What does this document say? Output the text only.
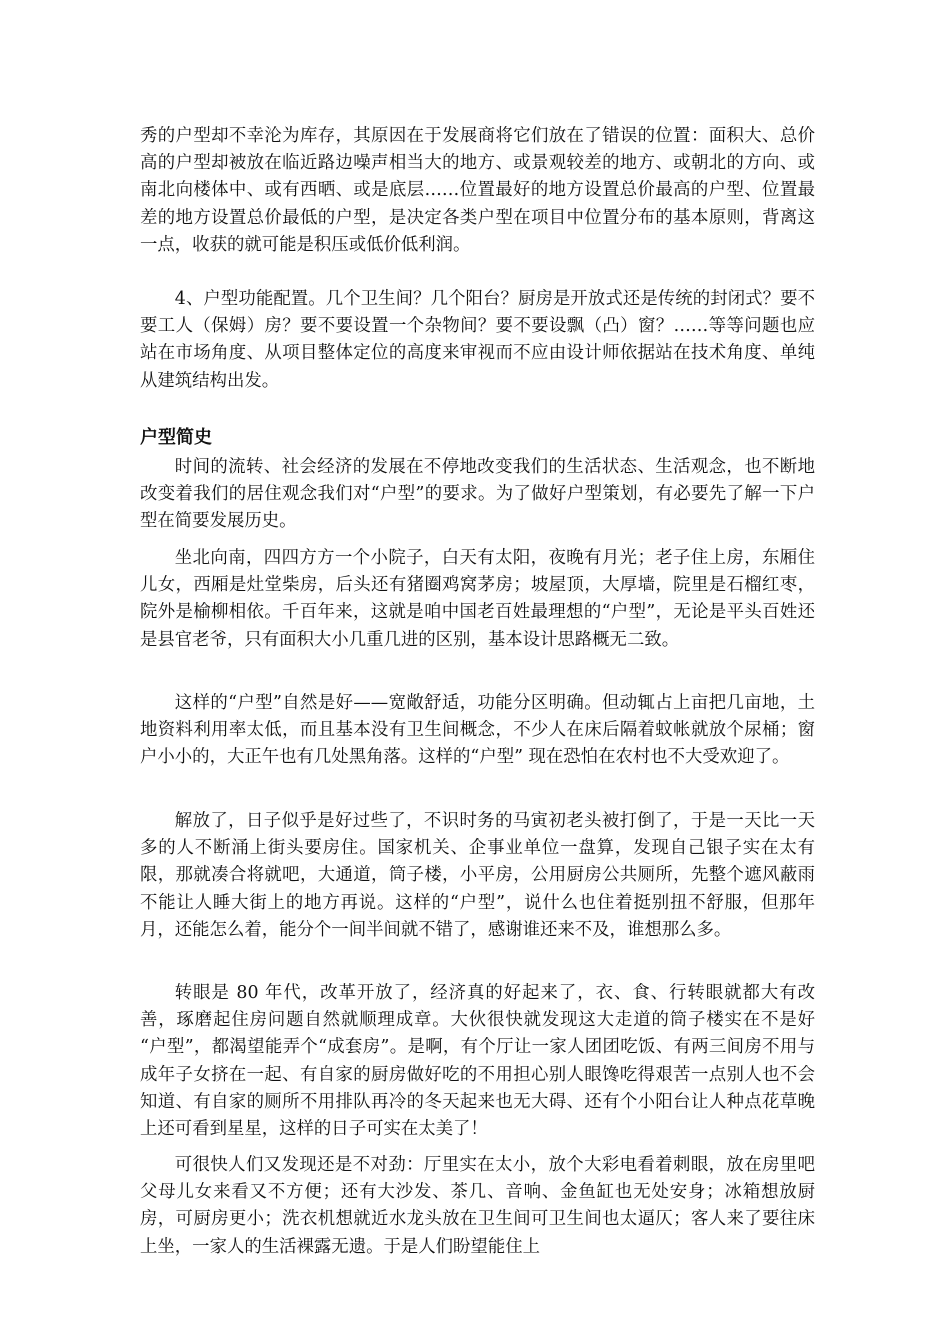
秀的户型却不幸沦为库存，其原因在于发展商将它们放在了错误的位置：面积大、总价高的户型却被放在临近路边噪声相当大的地方、或景观较差的地方、或朝北的方向、或南北向楼体中、或有西晒、或是底层……位置最好的地方设置总价最高的户型、位置最差的地方设置总价最低的户型，是决定各类户型在项目中位置分布的基本原则，背离这一点，收获的就可能是积压或低价低利润。

4、户型功能配置。几个卫生间？几个阳台？厨房是开放式还是传统的封闭式？要不要工人（保姆）房？要不要设置一个杂物间？要不要设飘（凸）窗？……等等问题也应站在市场角度、从项目整体定位的高度来审视而不应由设计师依据站在技术角度、单纯从建筑结构出发。

户型简史

时间的流转、社会经济的发展在不停地改变我们的生活状态、生活观念，也不断地改变着我们的居住观念我们对“户型”的要求。为了做好户型策划，有必要先了解一下户型在简要发展历史。

坐北向南，四四方方一个小院子，白天有太阳，夜晚有月光；老子住上房，东厢住儿女，西厢是灶堂柴房，后头还有猪圈鸡窝茅房；坡屋顶，大厚墙，院里是石榴红枣，院外是榆柳相依。千百年来，这就是咱中国老百姓最理想的“户型”，无论是平头百姓还是县官老爷，只有面积大小几重几进的区别，基本设计思路概无二致。

这样的“户型”自然是好——宽敞舒适，功能分区明确。但动辄占上亩把几亩地，土地资料利用率太低，而且基本没有卫生间概念，不少人在床后隔着蚊帐就放个尿桶；窗户小小的，大正午也有几处黑角落。这样的“户型” 现在恐怕在农村也不大受欢迎了。

解放了，日子似乎是好过些了，不识时务的马寅初老头被打倒了，于是一天比一天多的人不断涌上街头要房住。国家机关、企事业单位一盘算，发现自己银子实在太有限，那就凑合将就吧，大通道，筒子楼，小平房，公用厨房公共厕所，先整个遮风蔽雨不能让人睡大街上的地方再说。这样的“户型”，说什么也住着挺别扭不舒服，但那年月，还能怎么着，能分个一间半间就不错了，感谢谁还来不及，谁想那么多。

转眼是 80 年代，改革开放了，经济真的好起来了，衣、食、行转眼就都大有改善，琢磨起住房问题自然就顺理成章。大伙很快就发现这大走道的筒子楼实在不是好 “户型”，都渴望能弄个“成套房”。是啊，有个厅让一家人团团吃饭、有两三间房不用与成年子女挤在一起、有自家的厨房做好吃的不用担心别人眼馋吃得艰苦一点别人也不会知道、有自家的厕所不用排队再冷的冬天起来也无大碍、还有个小阳台让人种点花草晚上还可看到星星，这样的日子可实在太美了！

可很快人们又发现还是不对劲：厅里实在太小，放个大彩电看着刺眼，放在房里吧父母儿女来看又不方便；还有大沙发、茶几、音响、金鱼缸也无处安身；冰箱想放厨房，可厨房更小；洗衣机想就近水龙头放在卫生间可卫生间也太逼仄；客人来了要往床上坐，一家人的生活裸露无遗。于是人们盼望能住上
